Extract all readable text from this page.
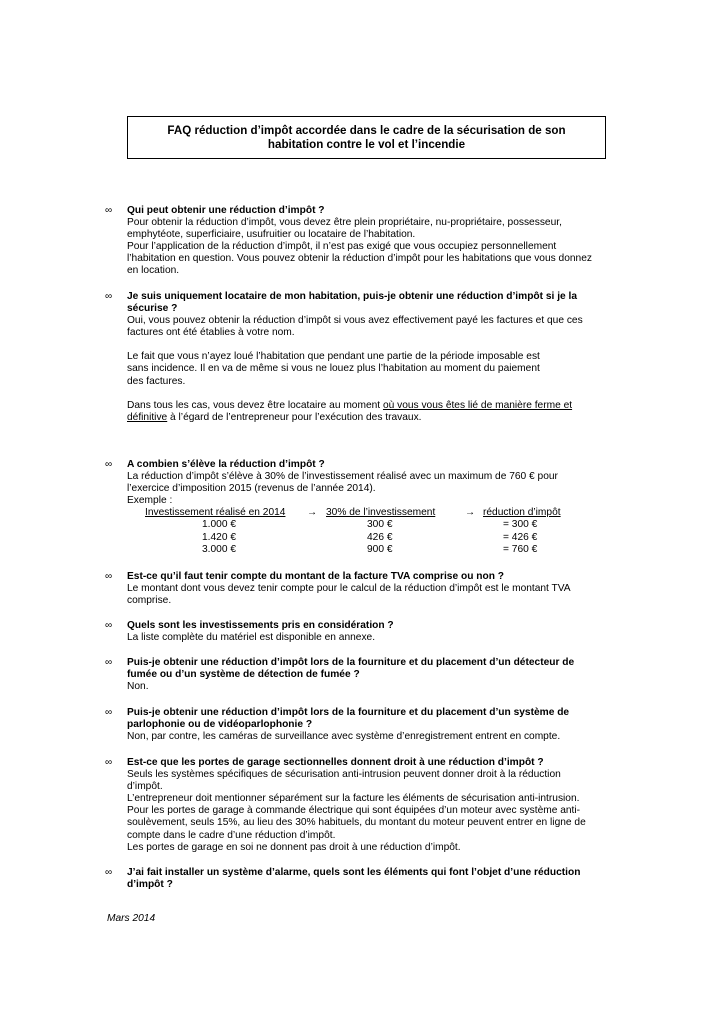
FAQ réduction d’impôt accordée dans le cadre de la sécurisation de son
habitation contre le vol et l’incendie
∞ Qui peut obtenir une réduction d’impôt ?
Pour obtenir la réduction d’impôt, vous devez être plein propriétaire, nu-propriétaire, possesseur,
emphytéote, superficiaire, usufruitier ou locataire de l’habitation.
Pour l’application de la réduction d’impôt, il n’est pas exigé que vous occupiez personnellement
l’habitation en question. Vous pouvez obtenir la réduction d’impôt pour les habitations que vous donnez
en location.
∞ Je suis uniquement locataire de mon habitation, puis-je obtenir une réduction d’impôt si je la
sécurise ?
Oui, vous pouvez obtenir la réduction d’impôt si vous avez effectivement payé les factures et que ces
factures ont été établies à votre nom.
Le fait que vous n’ayez loué l’habitation que pendant une partie de la période imposable est
sans incidence. Il en va de même si vous ne louez plus l’habitation au moment du paiement
des factures.
Dans tous les cas, vous devez être locataire au moment où vous vous êtes lié de manière ferme et
définitive à l’égard de l’entrepreneur pour l’exécution des travaux.
∞ A combien s’élève la réduction d’impôt ?
La réduction d’impôt s’élève à 30% de l’investissement réalisé avec un maximum de 760 € pour
l’exercice d’imposition 2015 (revenus de l’année 2014).
Exemple :
Investissement réalisé en 2014 → 30% de l’investissement	→ réduction d’impôt
1.000 €	300 €	= 300 €
1.420 €	426 €	= 426 €
3.000 €	900 €	= 760 €
∞ Est-ce qu’il faut tenir compte du montant de la facture TVA comprise ou non ?
Le montant dont vous devez tenir compte pour le calcul de la réduction d’impôt est le montant TVA
comprise.
∞ Quels sont les investissements pris en considération ?
La liste complète du matériel est disponible en annexe.
∞ Puis-je obtenir une réduction d’impôt lors de la fourniture et du placement d’un détecteur de
fumée ou d’un système de détection de fumée ?
Non.
∞ Puis-je obtenir une réduction d’impôt lors de la fourniture et du placement d’un système de
parlophonie ou de vidéoparlophonie ?
Non, par contre, les caméras de surveillance avec système d’enregistrement entrent en compte.
∞ Est-ce que les portes de garage sectionnelles donnent droit à une réduction d’impôt ?
Seuls les systèmes spécifiques de sécurisation anti-intrusion peuvent donner droit à la réduction
d’impôt.
L’entrepreneur doit mentionner séparément sur la facture les éléments de sécurisation anti-intrusion.
Pour les portes de garage à commande électrique qui sont équipées d’un moteur avec système anti-
soulèvement, seuls 15%, au lieu des 30% habituels, du montant du moteur peuvent entrer en ligne de
compte dans le cadre d’une réduction d’impôt.
Les portes de garage en soi ne donnent pas droit à une réduction d’impôt.
∞ J’ai fait installer un système d’alarme, quels sont les éléments qui font l’objet d’une réduction
d’impôt ?
Mars 2014
